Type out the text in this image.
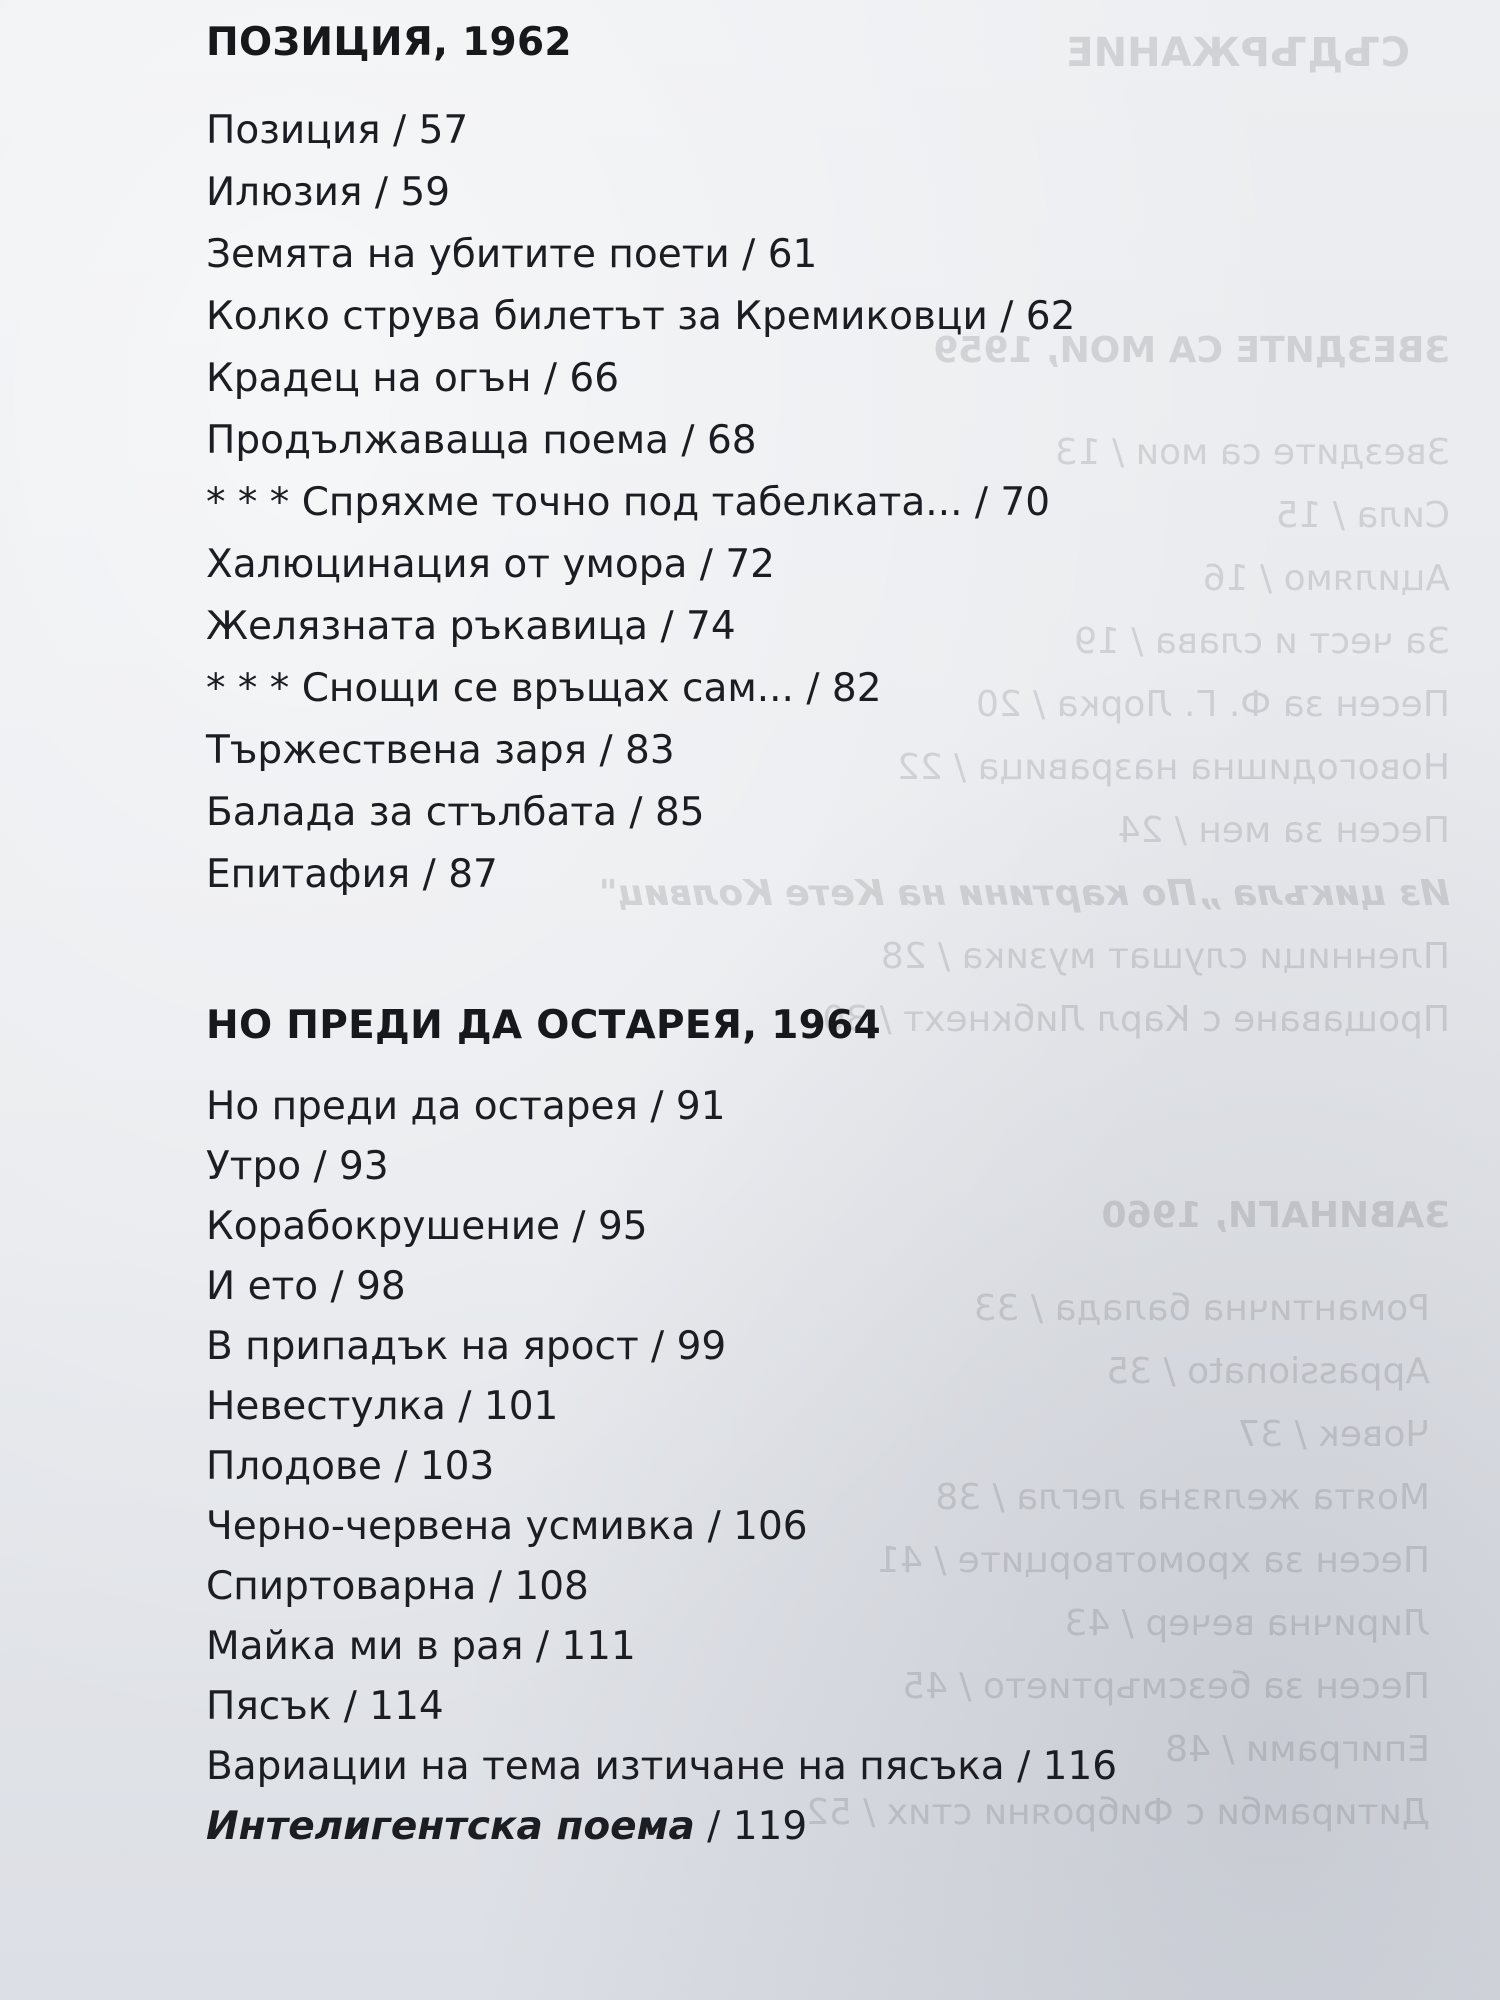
СЪДЪРЖАНИЕ
ЗВЕЗДИТЕ СА МОИ, 1959
Звездите са мои / 13
Сила / 15
Ацилямо / 16
За чест и слава / 19
Песен за Ф. Г. Лорка / 20
Новогодишна назравица / 22
Песен за мен / 24
Из цикъла „По картини на Кете Колвиц"
Пленници слушат музика / 28
Прощаване с Карл Либкнехт / 30
ЗАВИНАГИ, 1960
Романтична балада / 33
Appassionato / 35
Човек / 37
Моята желязна легла / 38
Песен за хромотворците / 41
Лирична вечер / 43
Песен за безсмъртието / 45
Епиграми / 48
Дитирамби с Фиброяни стих / 52
ПОЗИЦИЯ, 1962
Позиция / 57
Илюзия / 59
Земята на убитите поети / 61
Колко струва билетът за Кремиковци / 62
Крадец на огън / 66
Продължаваща поема / 68
* * * Спряхме точно под табелката... / 70
Халюцинация от умора / 72
Желязната ръкавица / 74
* * * Снощи се връщах сам... / 82
Тържествена заря / 83
Балада за стълбата / 85
Епитафия / 87
НО ПРЕДИ ДА ОСТАРЕЯ, 1964
Но преди да остарея / 91
Утро / 93
Корабокрушение / 95
И ето / 98
В припадък на ярост / 99
Невестулка / 101
Плодове / 103
Черно-червена усмивка / 106
Спиртоварна / 108
Майка ми в рая / 111
Пясък / 114
Вариации на тема изтичане на пясъка / 116
Интелигентска поема / 119
